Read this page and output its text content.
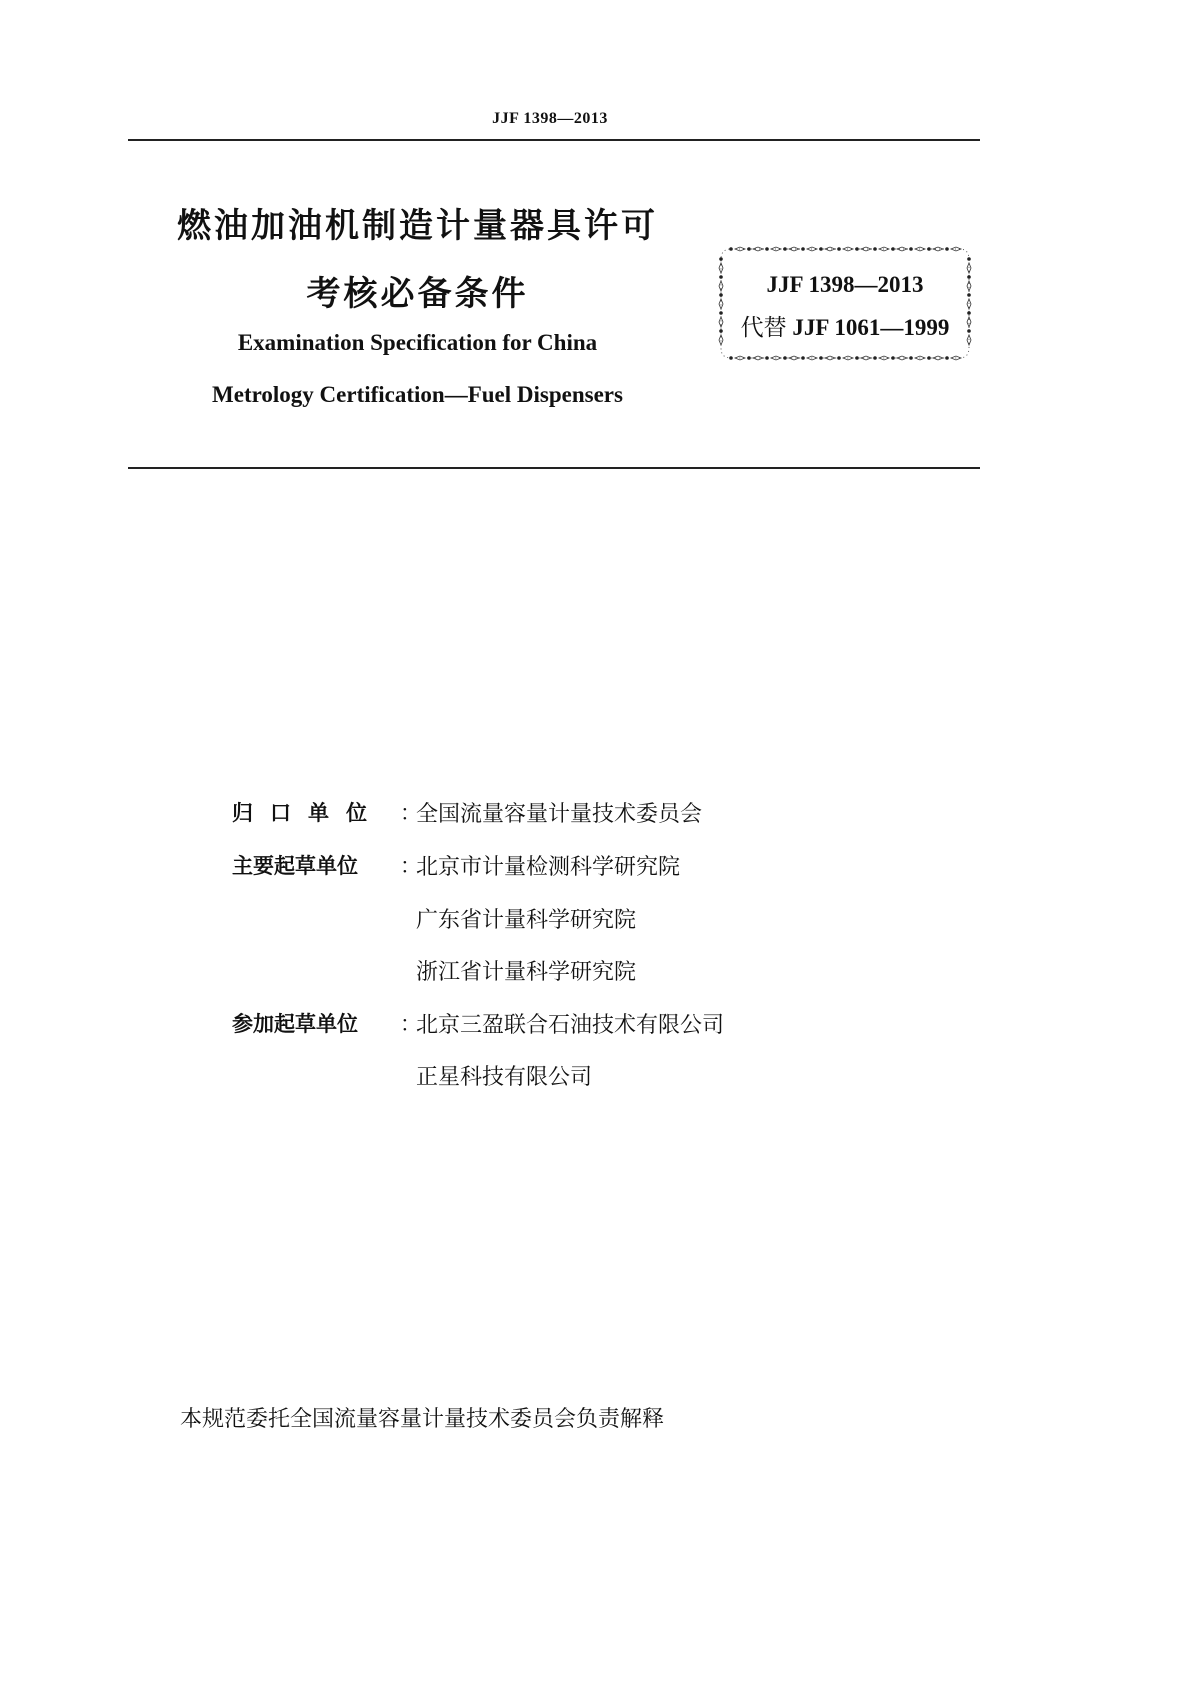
JJF 1398—2013
燃油加油机制造计量器具许可
考核必备条件
Examination Specification for China
Metrology Certification—Fuel Dispensers
JJF 1398—2013
代替 JJF 1061—1999
归口单位 ：
全国流量容量计量技术委员会
主要起草单位	：
北京市计量检测科学研究院
广东省计量科学研究院
浙江省计量科学研究院
参加起草单位	：
北京三盈联合石油技术有限公司
正星科技有限公司
本规范委托全国流量容量计量技术委员会负责解释
